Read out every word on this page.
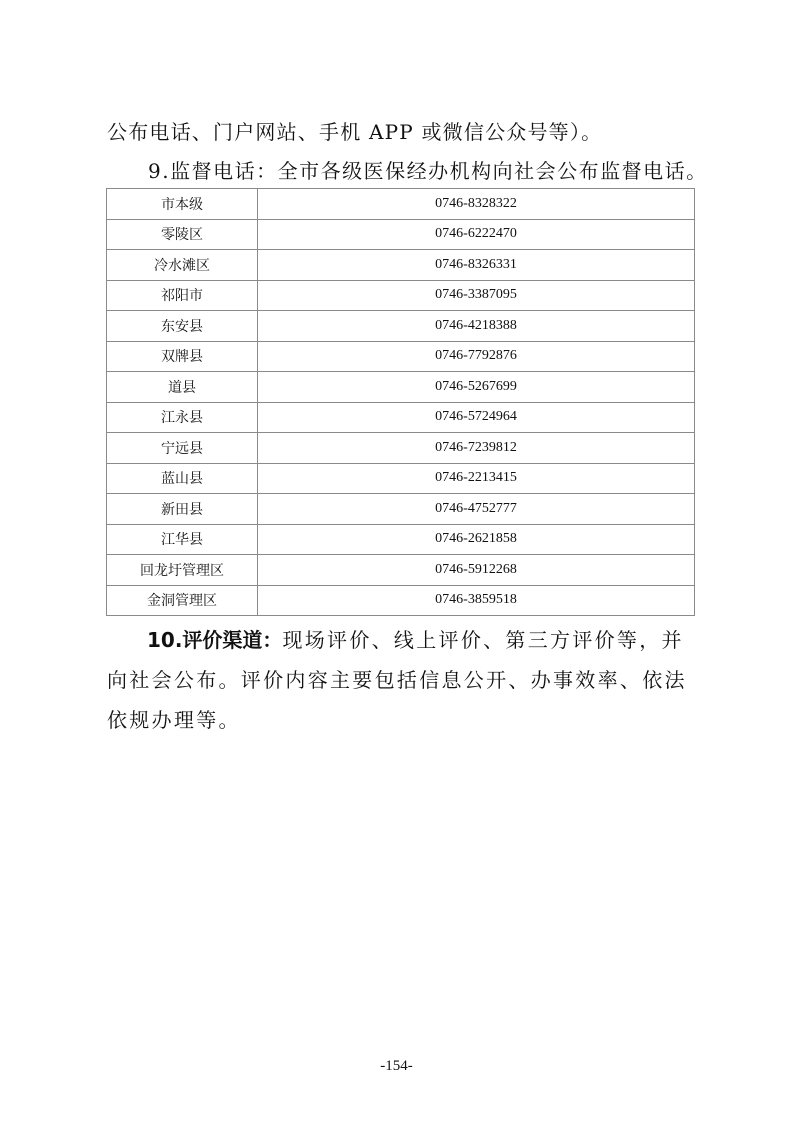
公布电话、门户网站、手机 APP 或微信公众号等）。

9.监督电话：全市各级医保经办机构向社会公布监督电话。

市本级	0746-8328322
零陵区	0746-6222470
冷水滩区	0746-8326331
祁阳市	0746-3387095
东安县	0746-4218388
双牌县	0746-7792876
道县	0746-5267699
江永县	0746-5724964
宁远县	0746-7239812
蓝山县	0746-2213415
新田县	0746-4752777
江华县	0746-2621858
回龙圩管理区	0746-5912268
金洞管理区	0746-3859518

10.评价渠道：现场评价、线上评价、第三方评价等，并向社会公布。评价内容主要包括信息公开、办事效率、依法依规办理等。

-154-
